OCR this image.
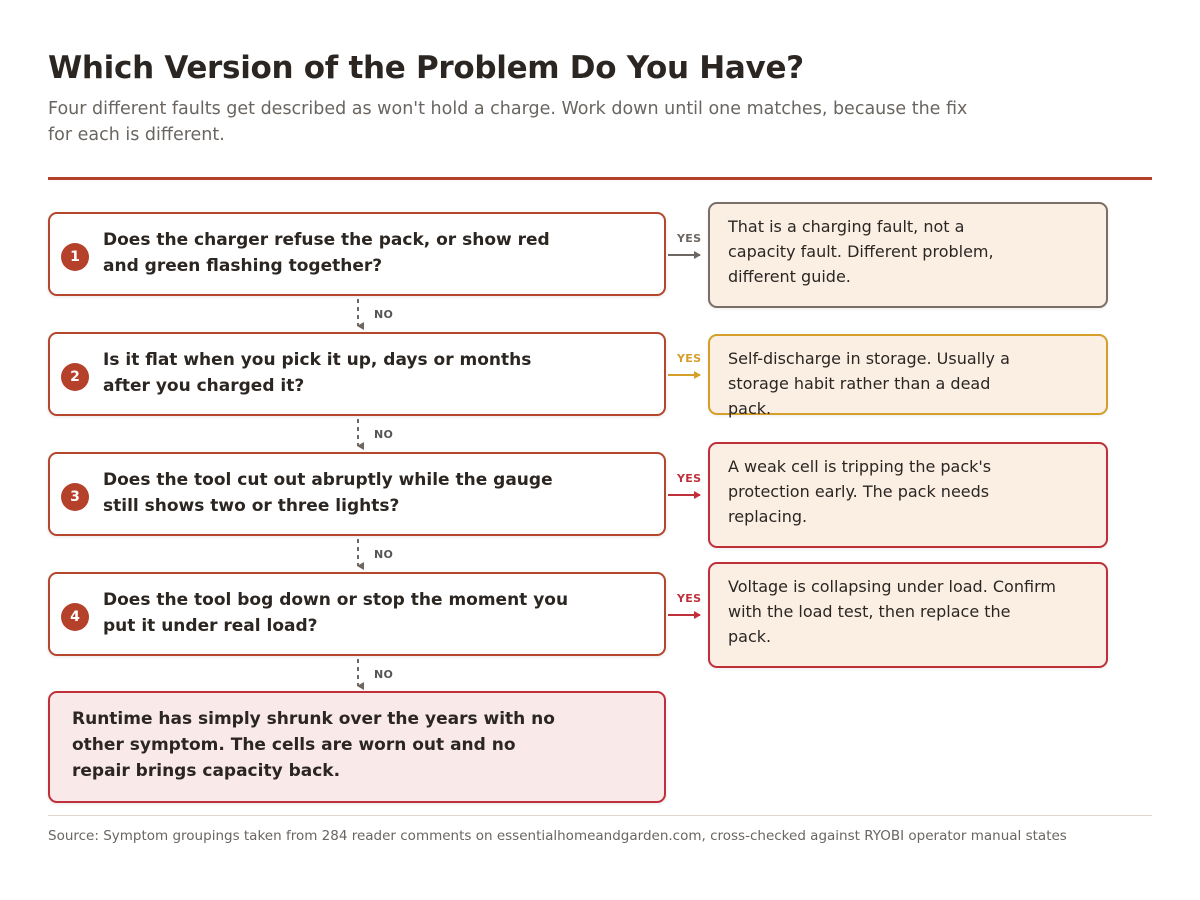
Which Version of the Problem Do You Have?

Four different faults get described as won't hold a charge. Work down until one matches, because the fix for each is different.

1
Does the charger refuse the pack, or show red and green flashing together?
YES
That is a charging fault, not a capacity fault. Different problem, different guide.
NO
2
Is it flat when you pick it up, days or months after you charged it?
YES Self-discharge in storage. Usually a storage habit rather than a dead pack.
NO
3
Does the tool cut out abruptly while the gauge still shows two or three lights?
YES
A weak cell is tripping the pack's protection early. The pack needs replacing.
NO
4
Does the tool bog down or stop the moment you put it under real load?
YES
Voltage is collapsing under load. Confirm with the load test, then replace the pack.
NO
Runtime has simply shrunk over the years with no other symptom. The cells are worn out and no repair brings capacity back.
Source: Symptom groupings taken from 284 reader comments on essentialhomeandgarden.com, cross-checked against RYOBI operator manual states
